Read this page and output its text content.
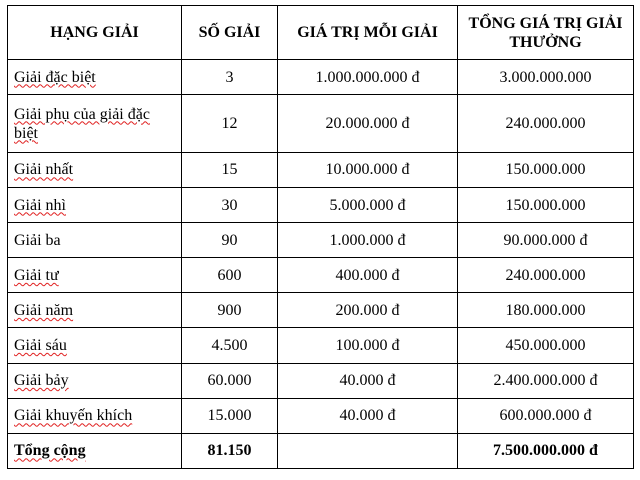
HẠNG GIẢI	SỐ GIẢI	GIÁ TRỊ MỖI GIẢI	TỔNG GIÁ TRỊ GIẢI THƯỞNG
Giải đặc biệt	3	1.000.000.000 đ	3.000.000.000
Giải phụ của giải đặc biệt	12	20.000.000 đ	240.000.000
Giải nhất	15	10.000.000 đ	150.000.000
Giải nhì	30	5.000.000 đ	150.000.000
Giải ba	90	1.000.000 đ	90.000.000 đ
Giải tư	600	400.000 đ	240.000.000
Giải năm	900	200.000 đ	180.000.000
Giải sáu	4.500	100.000 đ	450.000.000
Giải bảy	60.000	40.000 đ	2.400.000.000 đ
Giải khuyến khích	15.000	40.000 đ	600.000.000 đ
Tổng cộng	81.150		7.500.000.000 đ
